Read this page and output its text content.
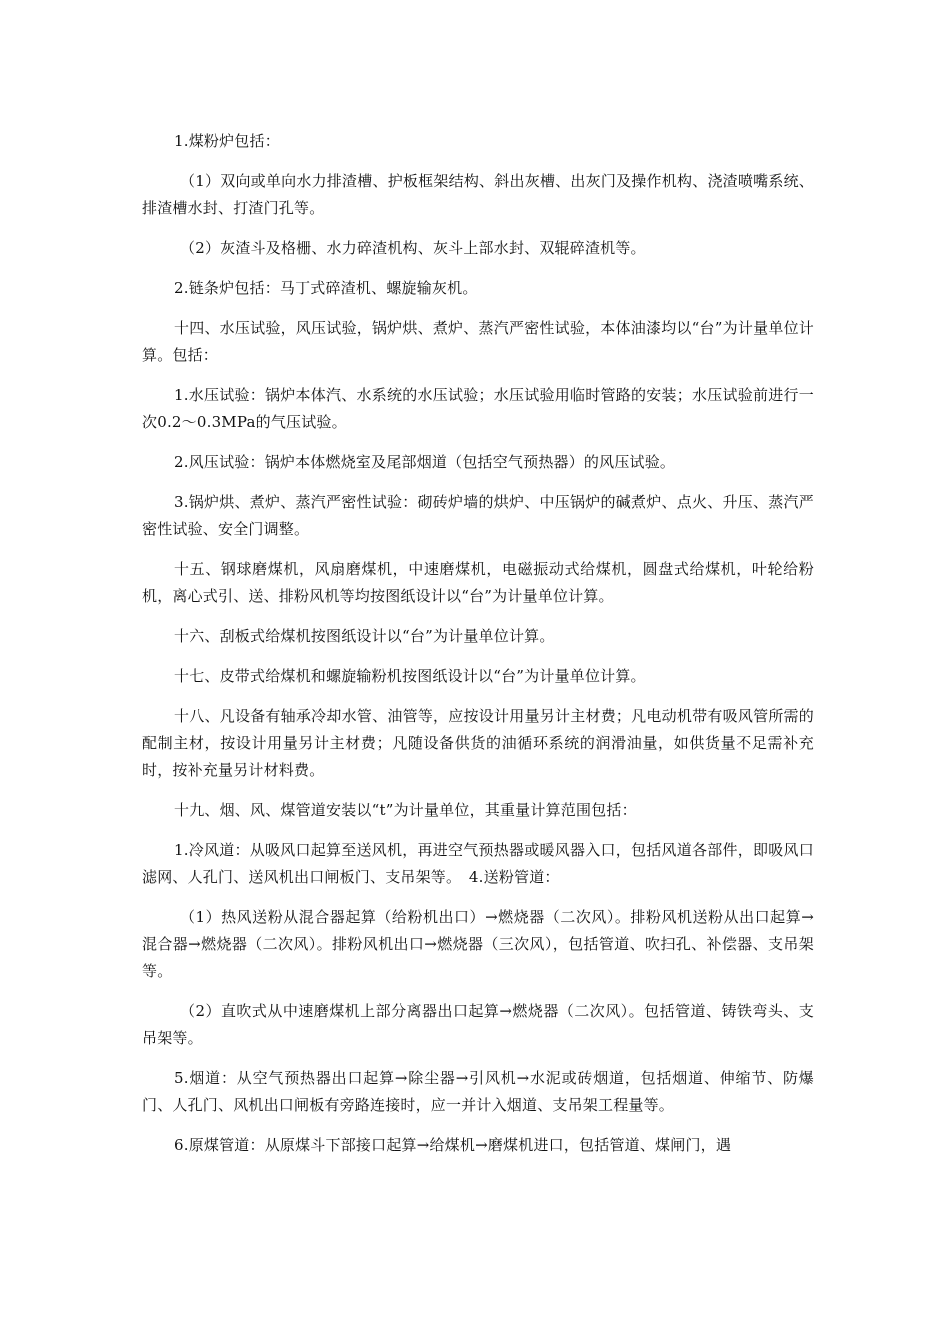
1.煤粉炉包括：

（1）双向或单向水力排渣槽、护板框架结构、斜出灰槽、出灰门及操作机构、浇渣喷嘴系统、排渣槽水封、打渣门孔等。

（2）灰渣斗及格栅、水力碎渣机构、灰斗上部水封、双辊碎渣机等。

2.链条炉包括：马丁式碎渣机、螺旋输灰机。

十四、水压试验，风压试验，锅炉烘、煮炉、蒸汽严密性试验，本体油漆均以“台”为计量单位计算。包括：

1.水压试验：锅炉本体汽、水系统的水压试验；水压试验用临时管路的安装；水压试验前进行一次0.2～0.3MPa的气压试验。

2.风压试验：锅炉本体燃烧室及尾部烟道（包括空气预热器）的风压试验。

3.锅炉烘、煮炉、蒸汽严密性试验：砌砖炉墙的烘炉、中压锅炉的碱煮炉、点火、升压、蒸汽严密性试验、安全门调整。

十五、钢球磨煤机，风扇磨煤机，中速磨煤机，电磁振动式给煤机，圆盘式给煤机，叶轮给粉机，离心式引、送、排粉风机等均按图纸设计以“台”为计量单位计算。

十六、刮板式给煤机按图纸设计以“台”为计量单位计算。

十七、皮带式给煤机和螺旋输粉机按图纸设计以“台”为计量单位计算。

十八、凡设备有轴承冷却水管、油管等，应按设计用量另计主材费；凡电动机带有吸风管所需的配制主材，按设计用量另计主材费；凡随设备供货的油循环系统的润滑油量，如供货量不足需补充时，按补充量另计材料费。

十九、烟、风、煤管道安装以“t”为计量单位，其重量计算范围包括：

1.冷风道：从吸风口起算至送风机，再进空气预热器或暖风器入口，包括风道各部件，即吸风口滤网、人孔门、送风机出口闸板门、支吊架等。　4.送粉管道：

（1）热风送粉从混合器起算（给粉机出口）→燃烧器（二次风）。排粉风机送粉从出口起算→混合器→燃烧器（二次风）。排粉风机出口→燃烧器（三次风），包括管道、吹扫孔、补偿器、支吊架等。

（2）直吹式从中速磨煤机上部分离器出口起算→燃烧器（二次风）。包括管道、铸铁弯头、支吊架等。

5.烟道：从空气预热器出口起算→除尘器→引风机→水泥或砖烟道，包括烟道、伸缩节、防爆门、人孔门、风机出口闸板有旁路连接时，应一并计入烟道、支吊架工程量等。

6.原煤管道：从原煤斗下部接口起算→给煤机→磨煤机进口，包括管道、煤闸门，遇
